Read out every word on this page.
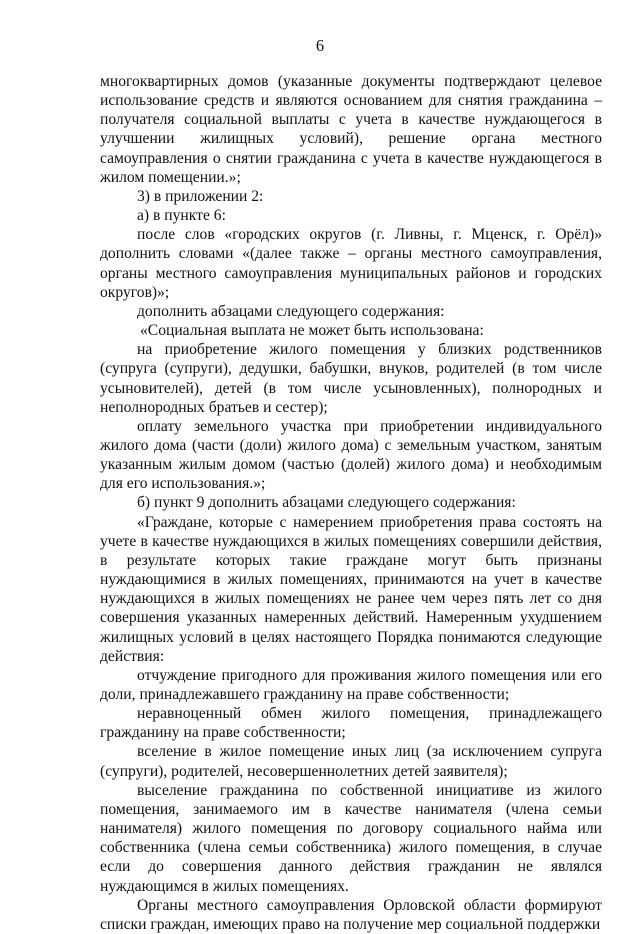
6

многоквартирных домов (указанные документы подтверждают целевое использование средств и являются основанием для снятия гражданина – получателя социальной выплаты с учета в качестве нуждающегося в улучшении жилищных условий), решение органа местного самоуправления о снятии гражданина с учета в качестве нуждающегося в жилом помещении.»;

3) в приложении 2:

а) в пункте 6:

после слов «городских округов (г. Ливны, г. Мценск, г. Орёл)» дополнить словами «(далее также – органы местного самоуправления, органы местного самоуправления муниципальных районов и городских округов)»;

дополнить абзацами следующего содержания:

«Социальная выплата не может быть использована:

на приобретение жилого помещения у близких родственников (супруга (супруги), дедушки, бабушки, внуков, родителей (в том числе усыновителей), детей (в том числе усыновленных), полнородных и неполнородных братьев и сестер);

оплату земельного участка при приобретении индивидуального жилого дома (части (доли) жилого дома) с земельным участком, занятым указанным жилым домом (частью (долей) жилого дома) и необходимым для его использования.»;

б) пункт 9 дополнить абзацами следующего содержания:

«Граждане, которые с намерением приобретения права состоять на учете в качестве нуждающихся в жилых помещениях совершили действия, в результате которых такие граждане могут быть признаны нуждающимися в жилых помещениях, принимаются на учет в качестве нуждающихся в жилых помещениях не ранее чем через пять лет со дня совершения указанных намеренных действий. Намеренным ухудшением жилищных условий в целях настоящего Порядка понимаются следующие действия:

отчуждение пригодного для проживания жилого помещения или его доли, принадлежавшего гражданину на праве собственности;

неравноценный обмен жилого помещения, принадлежащего гражданину на праве собственности;

вселение в жилое помещение иных лиц (за исключением супруга (супруги), родителей, несовершеннолетних детей заявителя);

выселение гражданина по собственной инициативе из жилого помещения, занимаемого им в качестве нанимателя (члена семьи нанимателя) жилого помещения по договору социального найма или собственника (члена семьи собственника) жилого помещения, в случае если до совершения данного действия гражданин не являлся нуждающимся в жилых помещениях.

Органы местного самоуправления Орловской области формируют списки граждан, имеющих право на получение мер социальной поддержки
